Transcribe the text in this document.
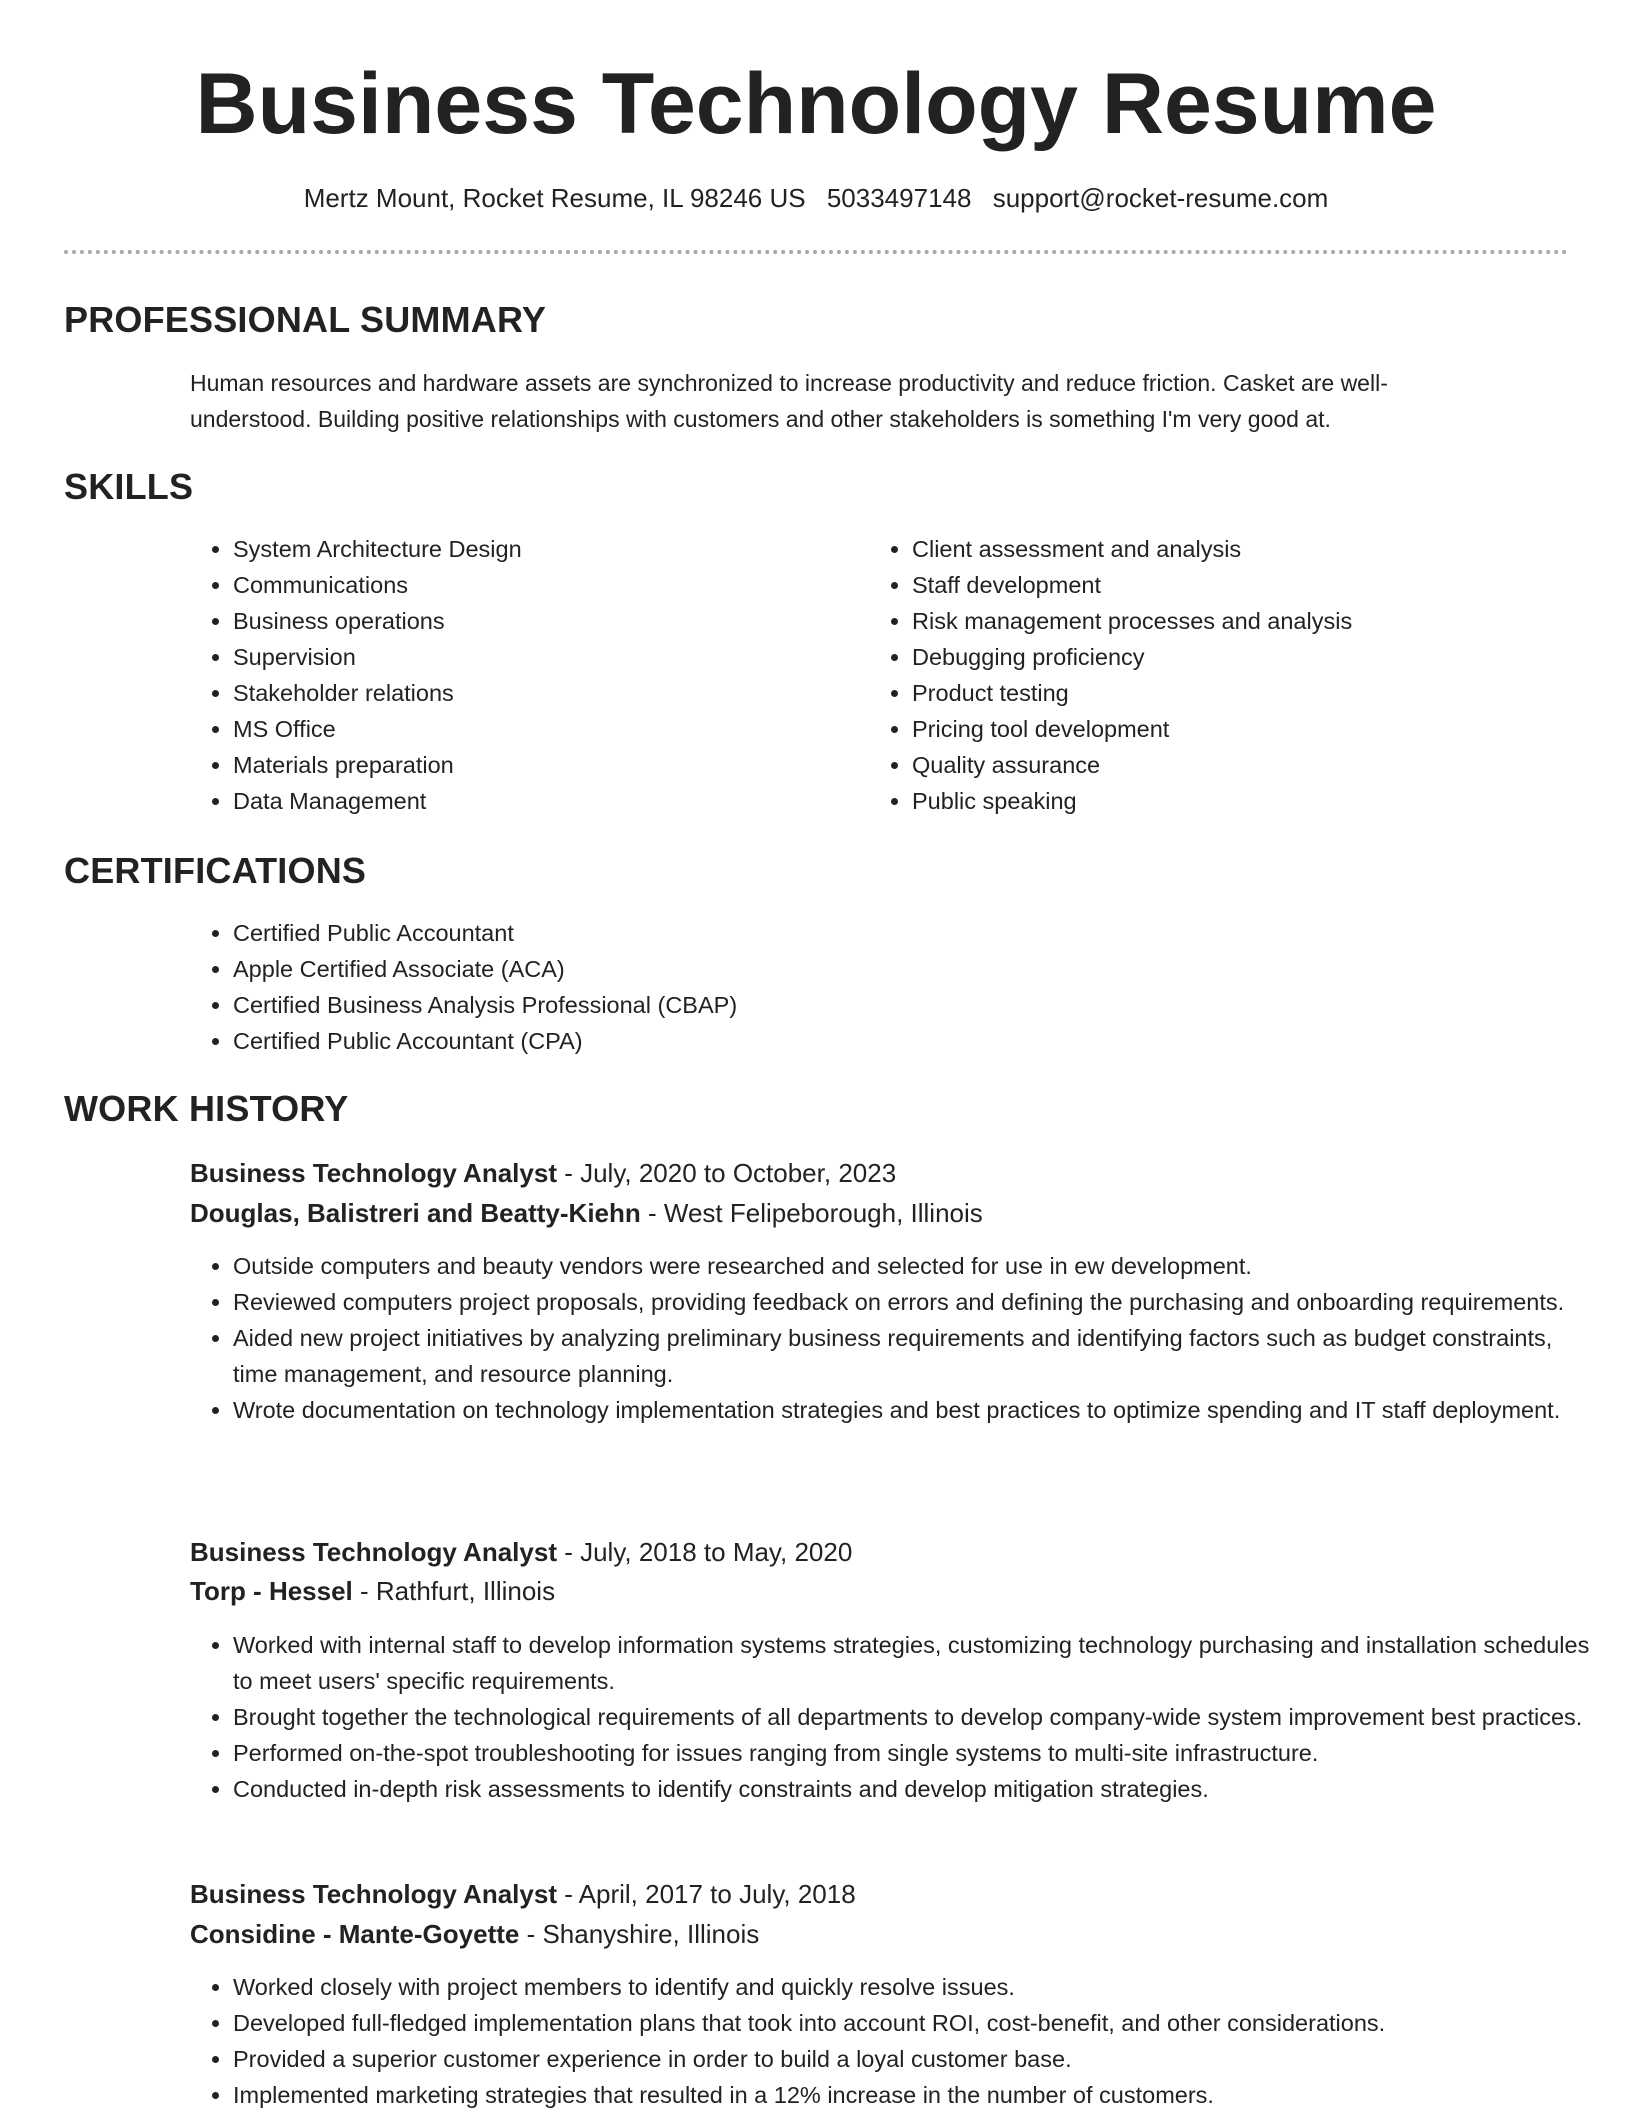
Business Technology Resume
Mertz Mount, Rocket Resume, IL 98246 US 5033497148 support@rocket-resume.com
PROFESSIONAL SUMMARY

Human resources and hardware assets are synchronized to increase productivity and reduce friction. Casket are well-understood. Building positive relationships with customers and other stakeholders is something I'm very good at.

SKILLS
• System Architecture Design
• Communications
• Business operations
• Supervision
• Stakeholder relations
• MS Office
• Materials preparation
• Data Management
• Client assessment and analysis
• Staff development
• Risk management processes and analysis
• Debugging proficiency
• Product testing
• Pricing tool development
• Quality assurance
• Public speaking
CERTIFICATIONS
• Certified Public Accountant
• Apple Certified Associate (ACA)
• Certified Business Analysis Professional (CBAP)
• Certified Public Accountant (CPA)
WORK HISTORY

Business Technology Analyst - July, 2020 to October, 2023

Douglas, Balistreri and Beatty-Kiehn - West Felipeborough, Illinois

• Outside computers and beauty vendors were researched and selected for use in ew development.
• Reviewed computers project proposals, providing feedback on errors and defining the purchasing and onboarding requirements.
• Aided new project initiatives by analyzing preliminary business requirements and identifying factors such as budget constraints, time management, and resource planning.
• Wrote documentation on technology implementation strategies and best practices to optimize spending and IT staff deployment.

Business Technology Analyst - July, 2018 to May, 2020

Torp - Hessel - Rathfurt, Illinois

• Worked with internal staff to develop information systems strategies, customizing technology purchasing and installation schedules to meet users' specific requirements.
• Brought together the technological requirements of all departments to develop company-wide system improvement best practices.
• Performed on-the-spot troubleshooting for issues ranging from single systems to multi-site infrastructure.
• Conducted in-depth risk assessments to identify constraints and develop mitigation strategies.

Business Technology Analyst - April, 2017 to July, 2018

Considine - Mante-Goyette - Shanyshire, Illinois

• Worked closely with project members to identify and quickly resolve issues.
• Developed full-fledged implementation plans that took into account ROI, cost-benefit, and other considerations.
• Provided a superior customer experience in order to build a loyal customer base.
• Implemented marketing strategies that resulted in a 12% increase in the number of customers.
